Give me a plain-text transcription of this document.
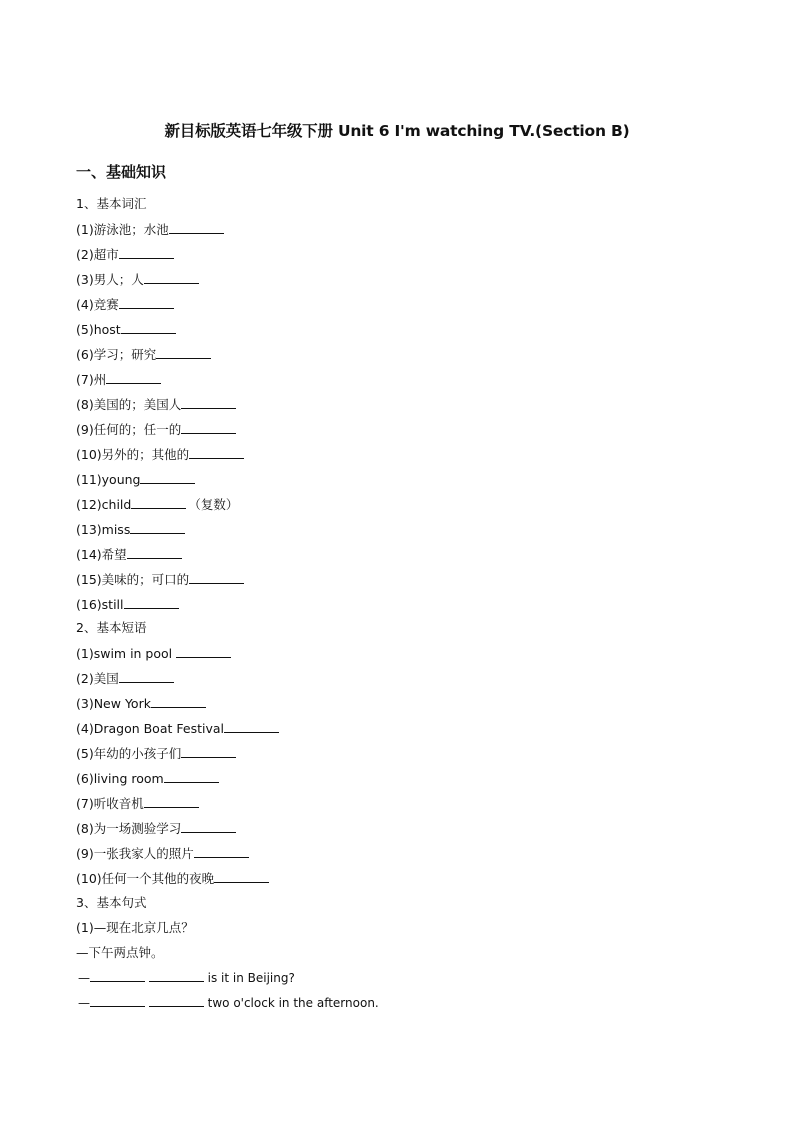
新目标版英语七年级下册 Unit 6 I'm watching TV.(Section B)
一、基础知识
1、基本词汇
(1)游泳池；水池
(2)超市
(3)男人；人
(4)竞赛
(5)host
(6)学习；研究
(7)州
(8)美国的；美国人
(9)任何的；任一的
(10)另外的；其他的
(11)young
(12)child	（复数）
(13)miss
(14)希望
(15)美味的；可口的
(16)still
2、基本短语
(1)swim in pool
(2)美国
(3)New York
(4)Dragon Boat Festival
(5)年幼的小孩子们
(6)living room
(7)听收音机
(8)为一场测验学习
(9)一张我家人的照片
(10)任何一个其他的夜晚
3、基本句式
(1)—现在北京几点？
—下午两点钟。
—	is it in Beijing?
—	two o'clock in the afternoon.
